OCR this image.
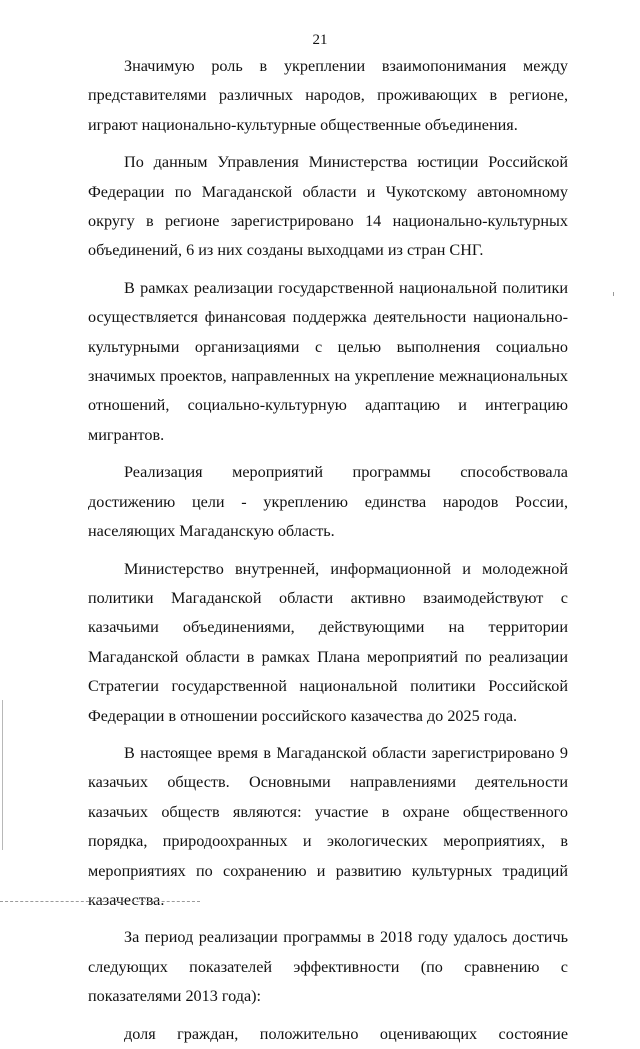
21

Значимую роль в укреплении взаимопонимания между представителями различных народов, проживающих в регионе, играют национально-культурные общественные объединения.

По данным Управления Министерства юстиции Российской Федерации по Магаданской области и Чукотскому автономному округу в регионе зарегистрировано 14 национально-культурных объединений, 6 из них созданы выходцами из стран СНГ.

В рамках реализации государственной национальной политики осуществляется финансовая поддержка деятельности национально-культурными организациями с целью выполнения социально значимых проектов, направленных на укрепление межнациональных отношений, социально-культурную адаптацию и интеграцию мигрантов.

Реализация мероприятий программы способствовала достижению цели - укреплению единства народов России, населяющих Магаданскую область.

Министерство внутренней, информационной и молодежной политики Магаданской области активно взаимодействуют с казачьими объединениями, действующими на территории Магаданской области в рамках Плана мероприятий по реализации Стратегии государственной национальной политики Российской Федерации в отношении российского казачества до 2025 года.

В настоящее время в Магаданской области зарегистрировано 9 казачьих обществ. Основными направлениями деятельности казачьих обществ являются: участие в охране общественного порядка, природоохранных и экологических мероприятиях, в мероприятиях по сохранению и развитию культурных традиций казачества.

За период реализации программы в 2018 году удалось достичь следующих показателей эффективности (по сравнению с показателями 2013 года):

доля граждан, положительно оценивающих состояние
